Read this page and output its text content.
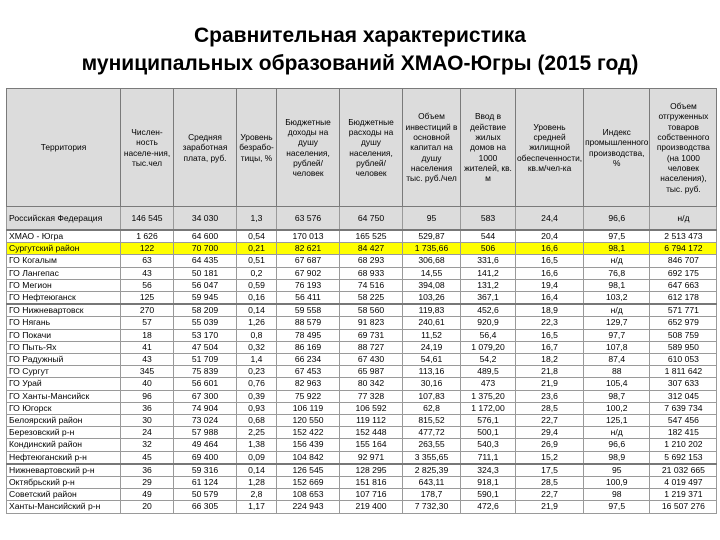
Сравнительная характеристика
муниципальных образований ХМАО-Югры (2015 год)
Территория	Числен-ность населе-ния, тыс.чел	Средняя заработная плата, руб.	Уровень безрабо-тицы, %	Бюджетные доходы на душу населения, рублей/человек	Бюджетные расходы на душу населения, рублей/человек	Объем инвестиций в основной капитал на душу населения тыс. руб./чел	Ввод в действие жилых домов на 1000 жителей, кв. м	Уровень средней жилищной обеспеченности, кв.м/чел-ка	Индекс промышленного производства, %	Объем отгруженных товаров собственного производства (на 1000 человек населения), тыс. руб.
Российская Федерация	146 545	34 030	1,3	63 576	64 750	95	583	24,4	96,6	н/д
ХМАО - Югра	1 626	64 600	0,54	170 013	165 525	529,87	544	20,4	97,5	2 513 473
Сургутский район	122	70 700	0,21	82 621	84 427	1 735,66	506	16,6	98,1	6 794 172
ГО Когалым	63	64 435	0,51	67 687	68 293	306,68	331,6	16,5	н/д	846 707
ГО Лангепас	43	50 181	0,2	67 902	68 933	14,55	141,2	16,6	76,8	692 175
ГО Мегион	56	56 047	0,59	76 193	74 516	394,08	131,2	19,4	98,1	647 663
ГО Нефтеюганск	125	59 945	0,16	56 411	58 225	103,26	367,1	16,4	103,2	612 178
ГО Нижневартовск	270	58 209	0,14	59 558	58 560	119,83	452,6	18,9	н/д	571 771
ГО Нягань	57	55 039	1,26	88 579	91 823	240,61	920,9	22,3	129,7	652 979
ГО Покачи	18	53 170	0,8	78 495	69 731	11,52	56,4	16,5	97,7	508 759
ГО Пыть-Ях	41	47 504	0,32	86 169	88 727	24,19	1 079,20	16,7	107,8	589 950
ГО Радужный	43	51 709	1,4	66 234	67 430	54,61	54,2	18,2	87,4	610 053
ГО Сургут	345	75 839	0,23	67 453	65 987	113,16	489,5	21,8	88	1 811 642
ГО Урай	40	56 601	0,76	82 963	80 342	30,16	473	21,9	105,4	307 633
ГО Ханты-Мансийск	96	67 300	0,39	75 922	77 328	107,83	1 375,20	23,6	98,7	312 045
ГО Югорск	36	74 904	0,93	106 119	106 592	62,8	1 172,00	28,5	100,2	7 639 734
Белоярский район	30	73 024	0,68	120 550	119 112	815,52	576,1	22,7	125,1	547 456
Березовский р-н	24	57 988	2,25	152 422	152 448	477,72	500,1	29,4	н/д	182 415
Кондинский район	32	49 464	1,38	156 439	155 164	263,55	540,3	26,9	96,6	1 210 202
Нефтеюганский р-н	45	69 400	0,09	104 842	92 971	3 355,65	711,1	15,2	98,9	5 692 153
Нижневартовский р-н	36	59 316	0,14	126 545	128 295	2 825,39	324,3	17,5	95	21 032 665
Октябрьский р-н	29	61 124	1,28	152 669	151 816	643,11	918,1	28,5	100,9	4 019 497
Советский район	49	50 579	2,8	108 653	107 716	178,7	590,1	22,7	98	1 219 371
Ханты-Мансийский р-н	20	66 305	1,17	224 943	219 400	7 732,30	472,6	21,9	97,5	16 507 276
